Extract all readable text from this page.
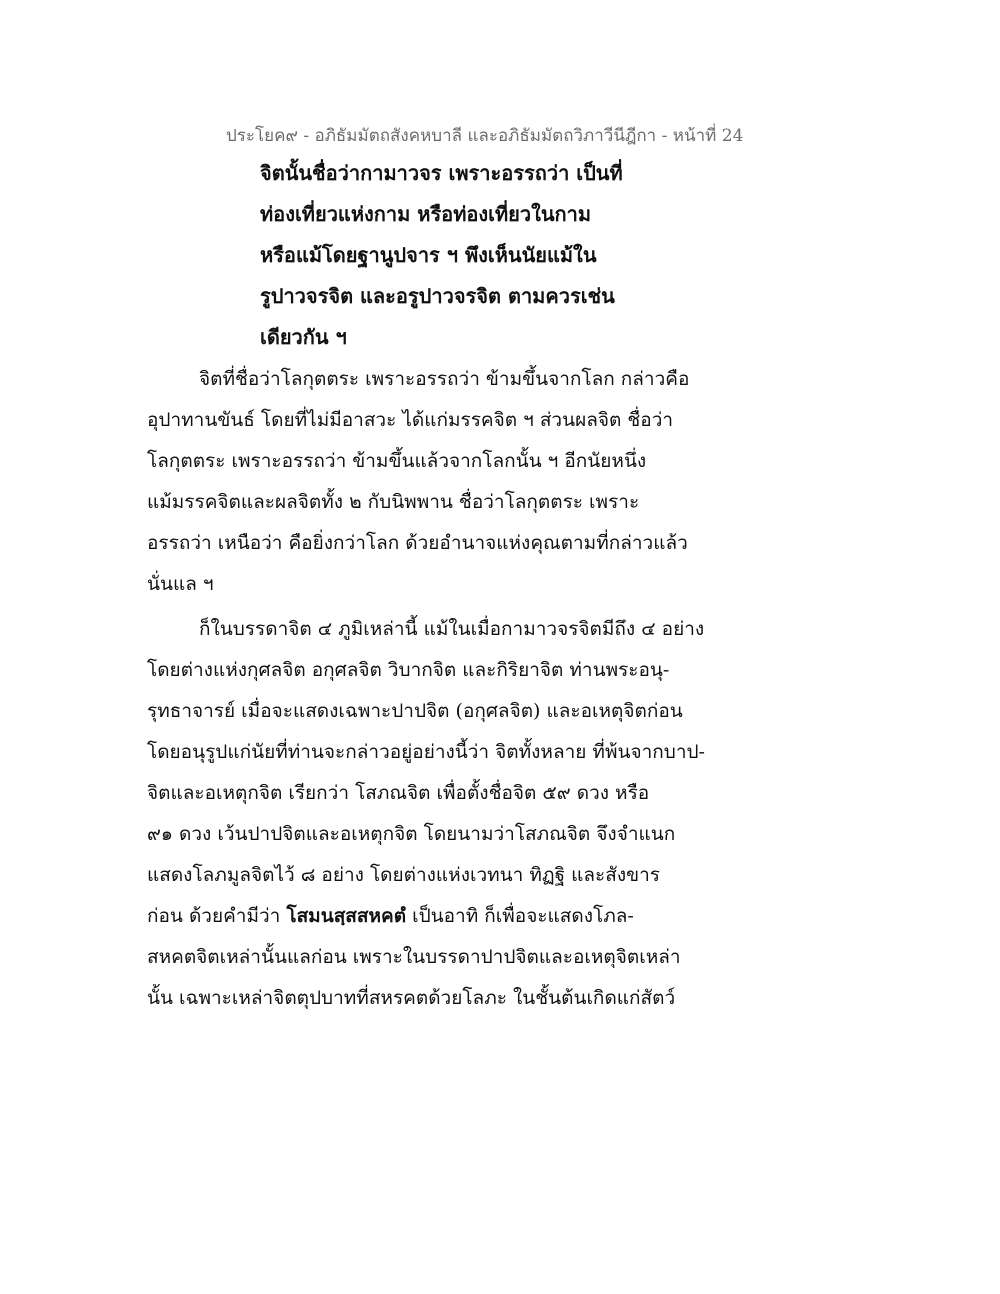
ประโยค๙ - อภิธัมมัตถสังคหบาลี และอภิธัมมัตถวิภาวีนีฎีกา - หน้าที่ 24
จิตนั้นชื่อว่ากามาวจร เพราะอรรถว่า เป็นที่
ท่องเที่ยวแห่งกาม หรือท่องเที่ยวในกาม
หรือแม้โดยฐานูปจาร ฯ พึงเห็นนัยแม้ใน
รูปาวจรจิต และอรูปาวจรจิต ตามควรเช่น
เดียวกัน ฯ
จิตที่ชื่อว่าโลกุตตระ เพราะอรรถว่า ข้ามขึ้นจากโลก กล่าวคือ
อุปาทานขันธ์ โดยที่ไม่มีอาสวะ ได้แก่มรรคจิต ฯ ส่วนผลจิต ชื่อว่า
โลกุตตระ เพราะอรรถว่า ข้ามขึ้นแล้วจากโลกนั้น ฯ อีกนัยหนึ่ง
แม้มรรคจิตและผลจิตทั้ง ๒ กับนิพพาน ชื่อว่าโลกุตตระ เพราะ
อรรถว่า เหนือว่า คือยิ่งกว่าโลก ด้วยอำนาจแห่งคุณตามที่กล่าวแล้ว
นั่นแล ฯ
ก็ในบรรดาจิต ๔ ภูมิเหล่านี้ แม้ในเมื่อกามาวจรจิตมีถึง ๔ อย่าง
โดยต่างแห่งกุศลจิต อกุศลจิต วิบากจิต และกิริยาจิต ท่านพระอนุ-
รุทธาจารย์ เมื่อจะแสดงเฉพาะปาปจิต (อกุศลจิต) และอเหตุจิตก่อน
โดยอนุรูปแก่นัยที่ท่านจะกล่าวอยู่อย่างนี้ว่า จิตทั้งหลาย ที่พ้นจากบาป-
จิตและอเหตุกจิต เรียกว่า โสภณจิต เพื่อตั้งชื่อจิต ๕๙ ดวง หรือ
๙๑ ดวง เว้นปาปจิตและอเหตุกจิต โดยนามว่าโสภณจิต จึงจำแนก
แสดงโลภมูลจิตไว้ ๘ อย่าง โดยต่างแห่งเวทนา ทิฏฐิ และสังขาร
ก่อน ด้วยคำมีว่า โสมนสฺสสหคตํ เป็นอาทิ ก็เพื่อจะแสดงโภล-
สหคตจิตเหล่านั้นแลก่อน เพราะในบรรดาปาปจิตและอเหตุจิตเหล่า
นั้น เฉพาะเหล่าจิตตุปบาทที่สหรคตด้วยโลภะ ในชั้นต้นเกิดแก่สัตว์
